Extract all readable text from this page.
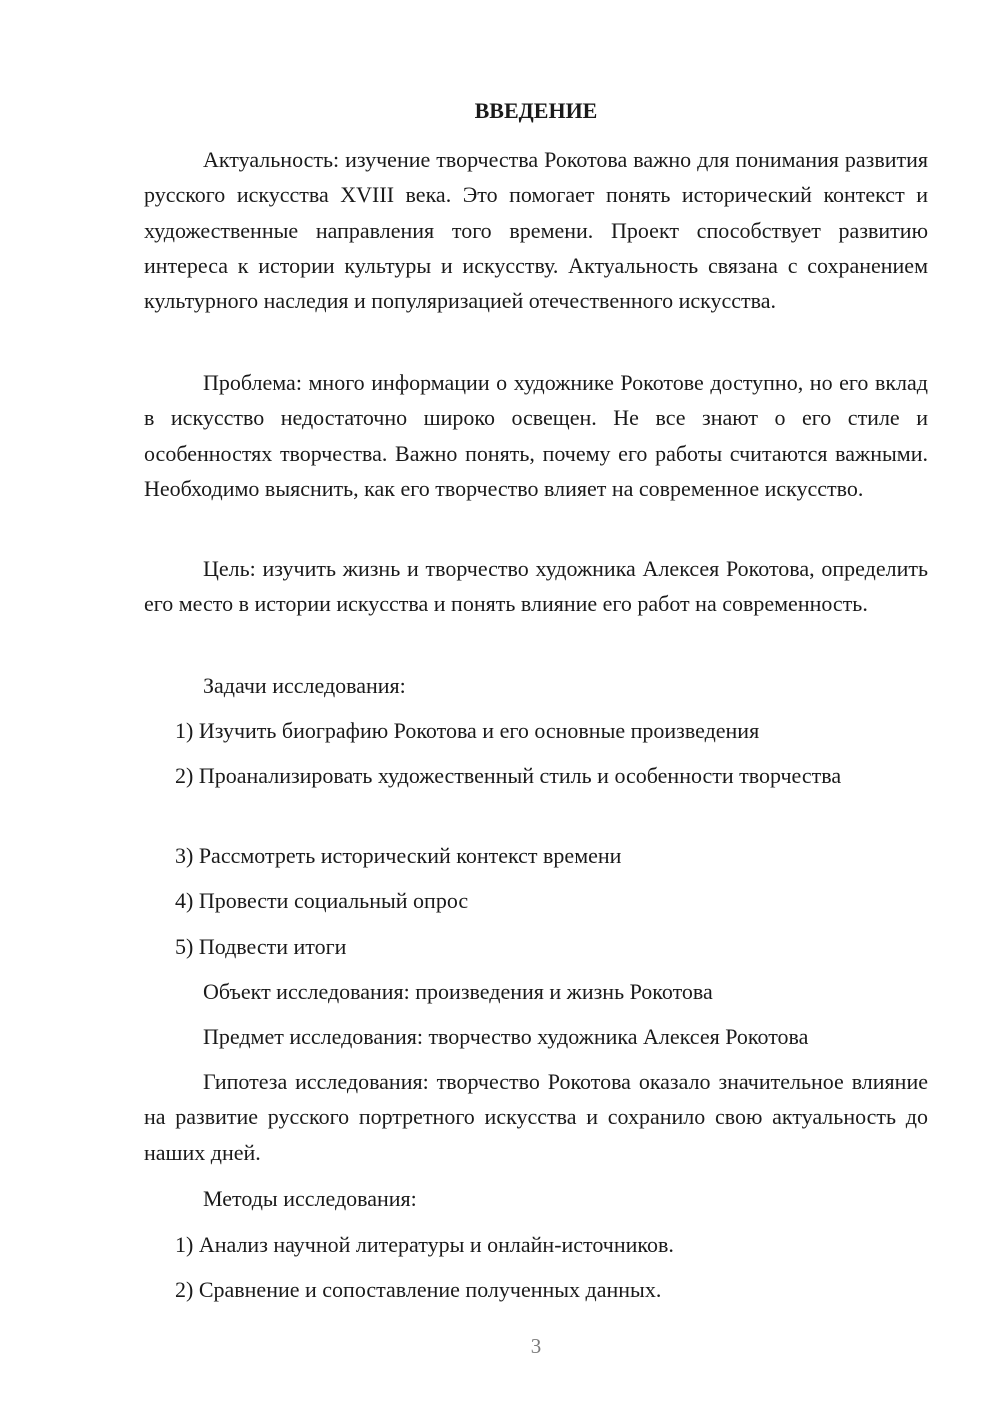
ВВЕДЕНИЕ

Актуальность: изучение творчества Рокотова важно для понимания развития русского искусства XVIII века. Это помогает понять исторический контекст и художественные направления того времени. Проект способствует развитию интереса к истории культуры и искусству. Актуальность связана с сохранением культурного наследия и популяризацией отечественного искусства.

Проблема: много информации о художнике Рокотове доступно, но его вклад в искусство недостаточно широко освещен. Не все знают о его стиле и особенностях творчества. Важно понять, почему его работы считаются важными. Необходимо выяснить, как его творчество влияет на современное искусство.

Цель: изучить жизнь и творчество художника Алексея Рокотова, определить его место в истории искусства и понять влияние его работ на современность.

Задачи исследования:

1) Изучить биографию Рокотова и его основные произведения

2) Проанализировать художественный стиль и особенности творчества

3) Рассмотреть исторический контекст времени

4) Провести социальный опрос

5) Подвести итоги

Объект исследования: произведения и жизнь Рокотова

Предмет исследования: творчество художника Алексея Рокотова

Гипотеза исследования: творчество Рокотова оказало значительное влияние на развитие русского портретного искусства и сохранило свою актуальность до наших дней.

Методы исследования:

1) Анализ научной литературы и онлайн-источников.

2) Сравнение и сопоставление полученных данных.

3
